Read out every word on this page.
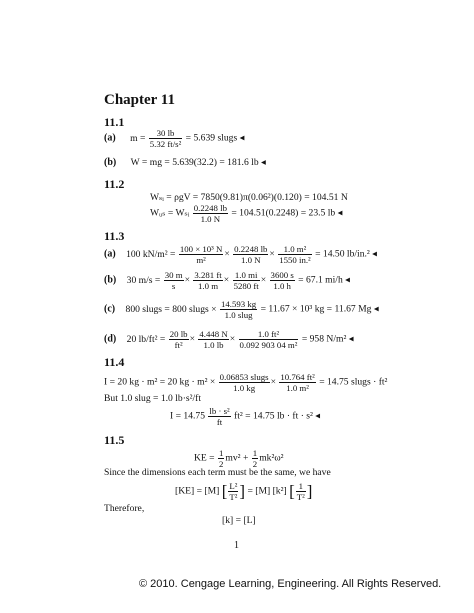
Chapter 11
11.1
(a) $m = \frac{30 lb}{\text{5.32 ft/s²}} = 5.639$ slugs ◂
(b) W = mg = 5.639(32.2) = 181.6 lb ◂
11.2
Wₛᵢ = ρgV = 7850(9.81)π(0.06²)(0.120) = 104.51 N
Wᵤₛ = Wₛᵢ $\frac{0.2248 lb}{1.0 N} = 104.51(0.2248) = 23.5$ lb ◂
11.3
(a) 100 $kN/m^2 = \frac{\text{100 × 10³ N}}{\text{m²}} \times \frac{0.2248 lb}{1.0 N} \times \frac{\text{1.0 m²}}{\text{1550 in.²}} = 14.50$ lb/in.² ◂
(b) 30 $m/s = \frac{30 m}{s} \times \frac{3.281 ft}{1.0 m} \times \frac{1.0 mi}{5280 ft} \times \frac{3600 s}{1.0 h} = 67.1$ mi/h ◂
(c) 800 slugs = 800 slugs × $\frac{14.593 kg}{\text{1.0 slug}} = 11.67 \times 10^3$ kg = 11.67 Mg ◂
(d) 20 $lb/ft^2 = \frac{20 lb}{\text{ft²}} \times \frac{4.448 N}{1.0 lb} \times \frac{\text{1.0 ft²}}{\text{0.092 903 04 m²}} = 958$ N/m² ◂
11.4
I = 20 kg · m² = 20 kg · $m^2 \times \frac{\text{0.06853 slugs}}{1.0 kg} \times \frac{\text{10.764 ft²}}{\text{1.0 m²}} = 14.75$ slugs · ft²
But 1.0 slug = 1.0 lb·s²/ft
$I = 14.75 \frac{\text{lb · s²}}{ft} ft^2 = 14.75$ lb · ft · s² ◂
11.5
KE = $\frac{1}{2} mv^2 + \frac{1}{2} mk^2\omega^2$
Since the dimensions each term must be the same, we have
[KE] = [M] [ $\frac{\text{L²}}{\text{T²}}$ ] = [M] [k²] [ $\frac{1}{\text{T²}}$ ]
Therefore,
[k] = [L]
1
© 2010. Cengage Learning, Engineering. All Rights Reserved.
